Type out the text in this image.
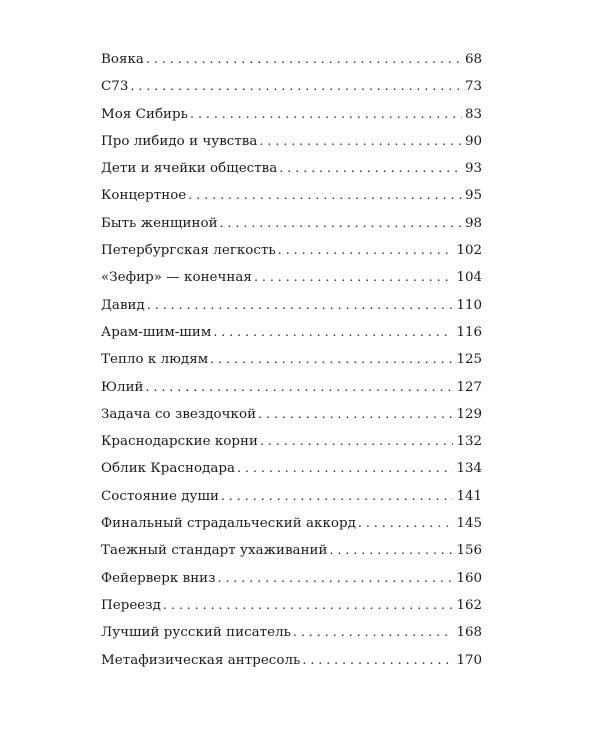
Вояка . . .	68
С73 . . .	73
Моя Сибирь . . .	83
Про либидо и чувства . . .	90
Дети и ячейки общества . . .	93
Концертное . . .	95
Быть женщиной . . .	98
Петербургская легкость . . .	102
«Зефир» — конечная . . .	104
Давид . . .	110
Арам-шим-шим . . .	116
Тепло к людям . . .	125
Юлий . . .	127
Задача со звездочкой . . .	129
Краснодарские корни . . .	132
Облик Краснодара . . .	134
Состояние души . . .	141
Финальный страдальческий аккорд . . .	145
Таежный стандарт ухаживаний . . .	156
Фейерверк вниз . . .	160
Переезд . . .	162
Лучший русский писатель . . .	168
Метафизическая антресоль . . .	170
